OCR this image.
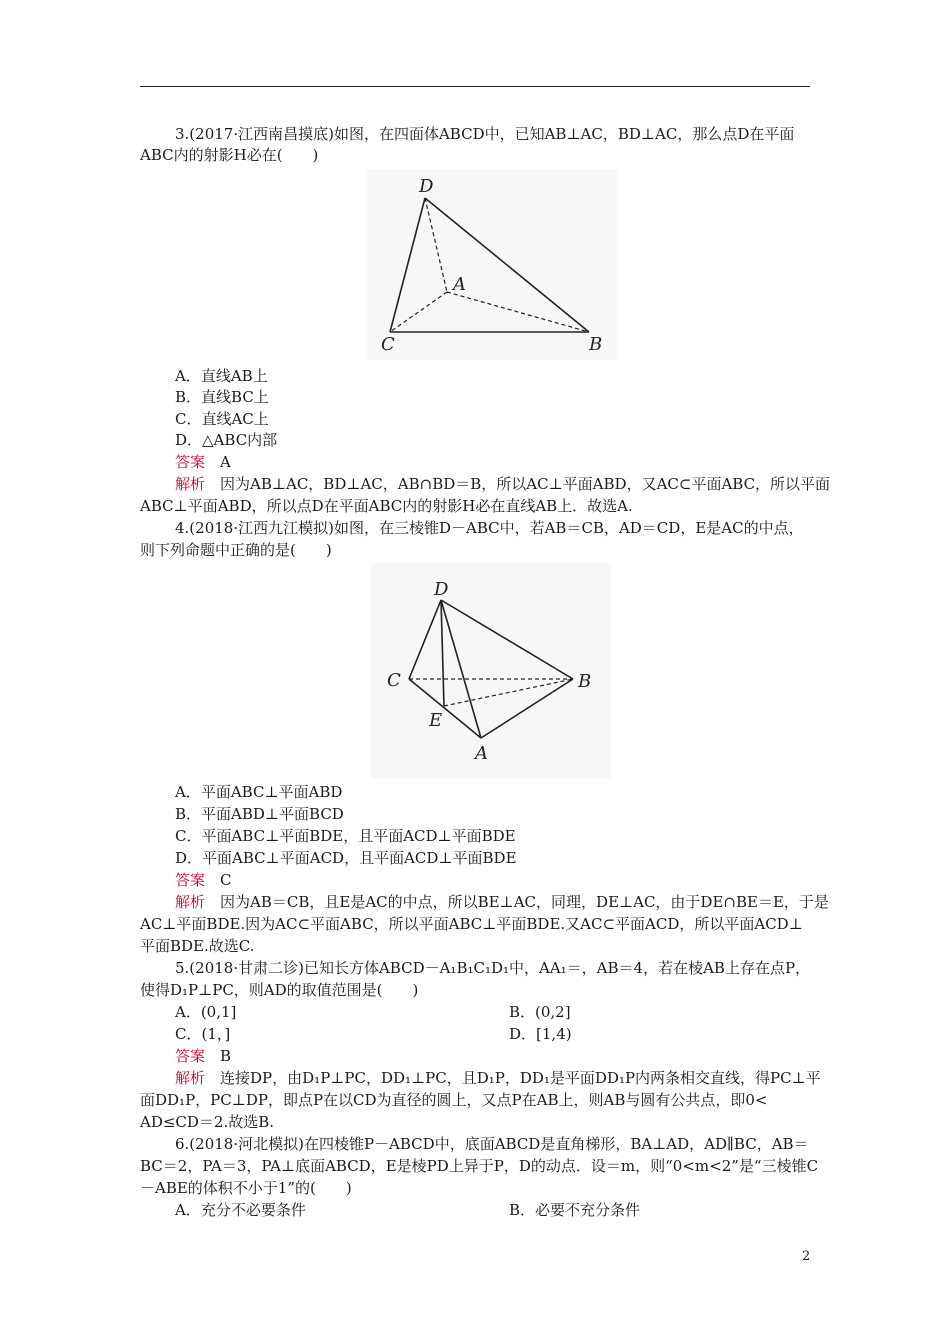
3.(2017·江西南昌摸底)如图，在四面体ABCD中，已知AB⊥AC，BD⊥AC，那么点D在平面
ABC内的射影H必在(　　)
D
A
C	B
A．直线AB上
B．直线BC上
C．直线AC上
D．△ABC内部
答案　 A
解析　 因为AB⊥AC，BD⊥AC，AB∩BD＝B，所以AC⊥平面ABD，又AC⊂平面ABC，所以平面
ABC⊥平面ABD，所以点D在平面ABC内的射影H必在直线AB上．故选A.
4.(2018·江西九江模拟)如图，在三棱锥D－ABC中，若AB＝CB，AD＝CD，E是AC的中点，
则下列命题中正确的是(　　)
D
C	B
E
A
A．平面ABC⊥平面ABD
B．平面ABD⊥平面BCD
C．平面ABC⊥平面BDE，且平面ACD⊥平面BDE
D．平面ABC⊥平面ACD，且平面ACD⊥平面BDE
答案　 C
解析　 因为AB＝CB，且E是AC的中点，所以BE⊥AC，同理，DE⊥AC，由于DE∩BE＝E，于是
AC⊥平面BDE.因为AC⊂平面ABC，所以平面ABC⊥平面BDE.又AC⊂平面ACD，所以平面ACD⊥
平面BDE.故选C.
5.(2018·甘肃二诊)已知长方体ABCD－A₁B₁C₁D₁中，AA₁＝，AB＝4，若在棱AB上存在点P，
使得D₁P⊥PC，则AD的取值范围是(　　)
A．(0,1]	B．(0,2]
C．(1，]	D．[1,4)
答案　 B
解析　 连接DP，由D₁P⊥PC，DD₁⊥PC，且D₁P，DD₁是平面DD₁P内两条相交直线，得PC⊥平
面DD₁P，PC⊥DP，即点P在以CD为直径的圆上，又点P在AB上，则AB与圆有公共点，即0<
AD≤CD＝2.故选B.
6.(2018·河北模拟)在四棱锥P－ABCD中，底面ABCD是直角梯形，BA⊥AD，AD∥BC，AB＝
BC＝2，PA＝3，PA⊥底面ABCD，E是棱PD上异于P，D的动点．设＝m，则“0<m<2”是“三棱锥C
－ABE的体积不小于1”的(　　)
A．充分不必要条件	B．必要不充分条件
2
